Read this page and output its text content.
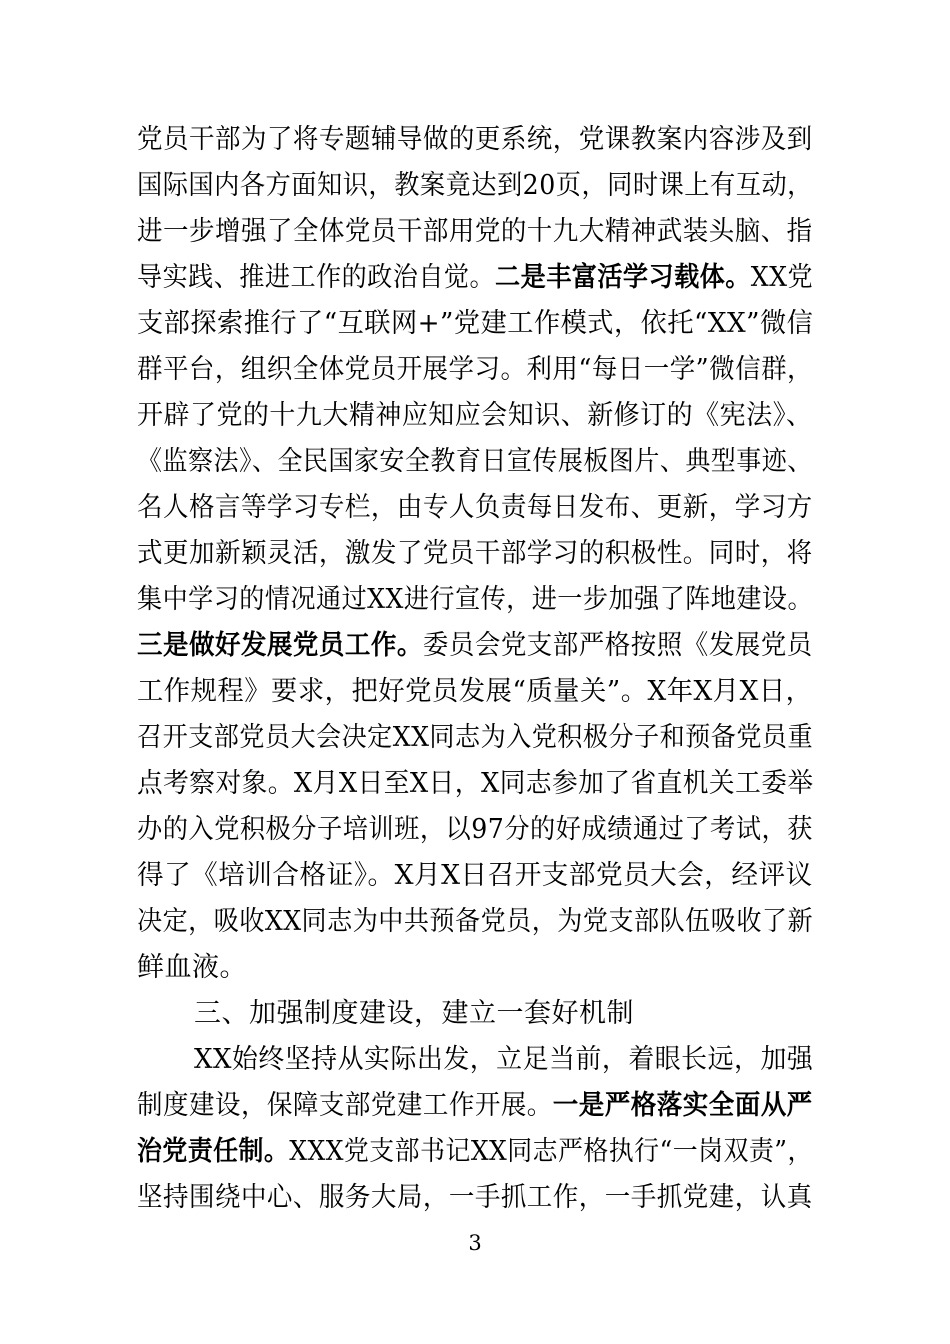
党员干部为了将专题辅导做的更系统，党课教案内容涉及到
国际国内各方面知识，教案竟达到20页，同时课上有互动，
进一步增强了全体党员干部用党的十九大精神武装头脑、指
导实践、推进工作的政治自觉。二是丰富活学习载体。XX党
支部探索推行了“互联网+”党建工作模式，依托“XX”微信
群平台，组织全体党员开展学习。利用“每日一学”微信群，
开辟了党的十九大精神应知应会知识、新修订的《宪法》、
《监察法》、全民国家安全教育日宣传展板图片、典型事迹、
名人格言等学习专栏，由专人负责每日发布、更新，学习方
式更加新颖灵活，激发了党员干部学习的积极性。同时，将
集中学习的情况通过XX进行宣传，进一步加强了阵地建设。
三是做好发展党员工作。委员会党支部严格按照《发展党员
工作规程》要求，把好党员发展“质量关”。X年X月X日，
召开支部党员大会决定XX同志为入党积极分子和预备党员重
点考察对象。X月X日至X日，X同志参加了省直机关工委举
办的入党积极分子培训班，以97分的好成绩通过了考试，获
得了《培训合格证》。X月X日召开支部党员大会，经评议
决定，吸收XX同志为中共预备党员，为党支部队伍吸收了新
鲜血液。
三、加强制度建设，建立一套好机制
XX始终坚持从实际出发，立足当前，着眼长远，加强
制度建设，保障支部党建工作开展。一是严格落实全面从严
治党责任制。XXX党支部书记XX同志严格执行“一岗双责”，
坚持围绕中心、服务大局，一手抓工作，一手抓党建，认真
3
